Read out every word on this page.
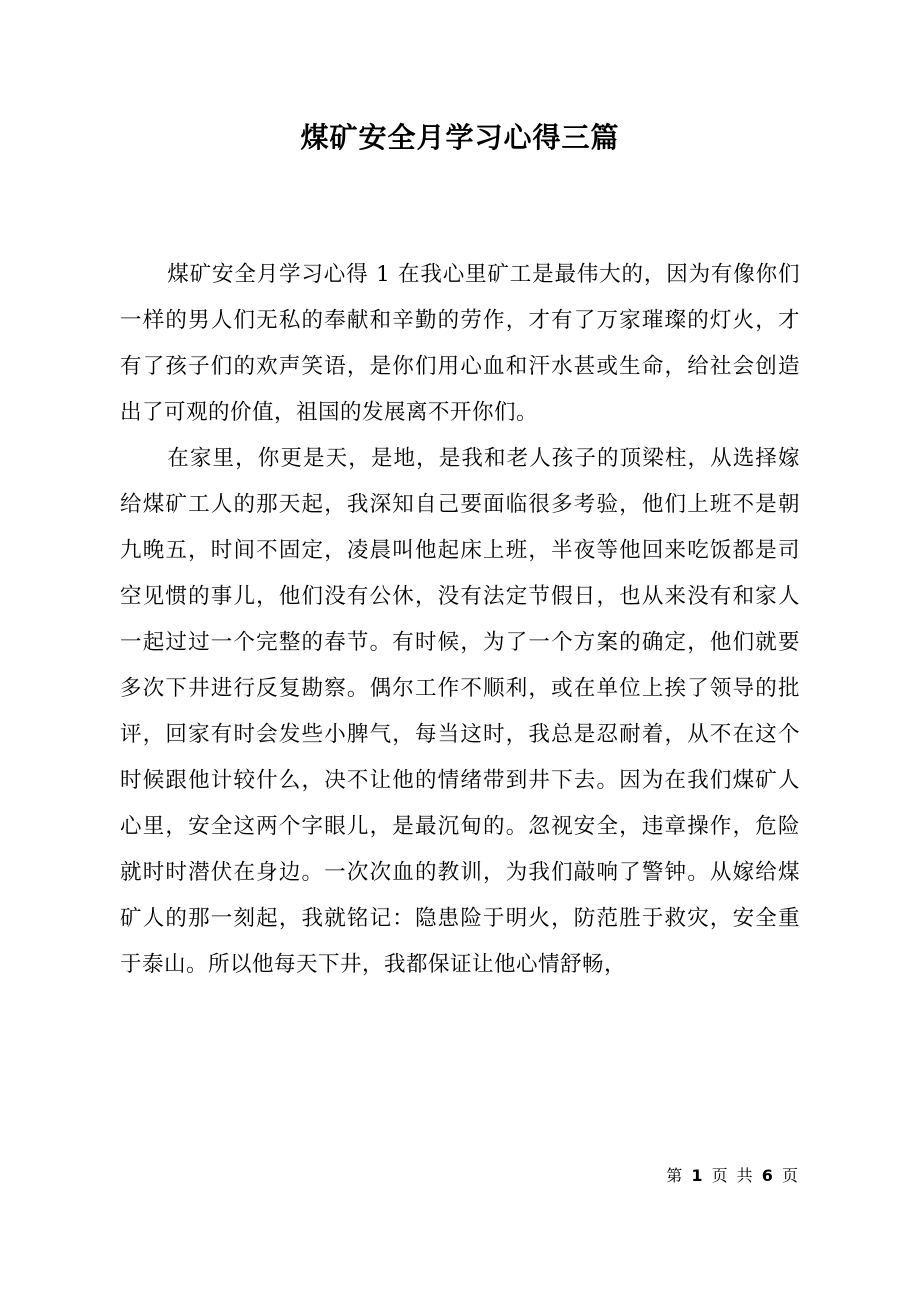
煤矿安全月学习心得三篇

煤矿安全月学习心得 1 在我心里矿工是最伟大的，因为有像你们一样的男人们无私的奉献和辛勤的劳作，才有了万家璀璨的灯火，才有了孩子们的欢声笑语，是你们用心血和汗水甚或生命，给社会创造出了可观的价值，祖国的发展离不开你们。

在家里，你更是天，是地，是我和老人孩子的顶梁柱，从选择嫁给煤矿工人的那天起，我深知自己要面临很多考验，他们上班不是朝九晚五，时间不固定，凌晨叫他起床上班，半夜等他回来吃饭都是司空见惯的事儿，他们没有公休，没有法定节假日，也从来没有和家人一起过过一个完整的春节。有时候，为了一个方案的确定，他们就要多次下井进行反复勘察。偶尔工作不顺利，或在单位上挨了领导的批评，回家有时会发些小脾气，每当这时，我总是忍耐着，从不在这个时候跟他计较什么，决不让他的情绪带到井下去。因为在我们煤矿人心里，安全这两个字眼儿，是最沉甸的。忽视安全，违章操作，危险就时时潜伏在身边。一次次血的教训，为我们敲响了警钟。从嫁给煤矿人的那一刻起，我就铭记：隐患险于明火，防范胜于救灾，安全重于泰山。所以他每天下井，我都保证让他心情舒畅，

第 1 页 共 6 页
